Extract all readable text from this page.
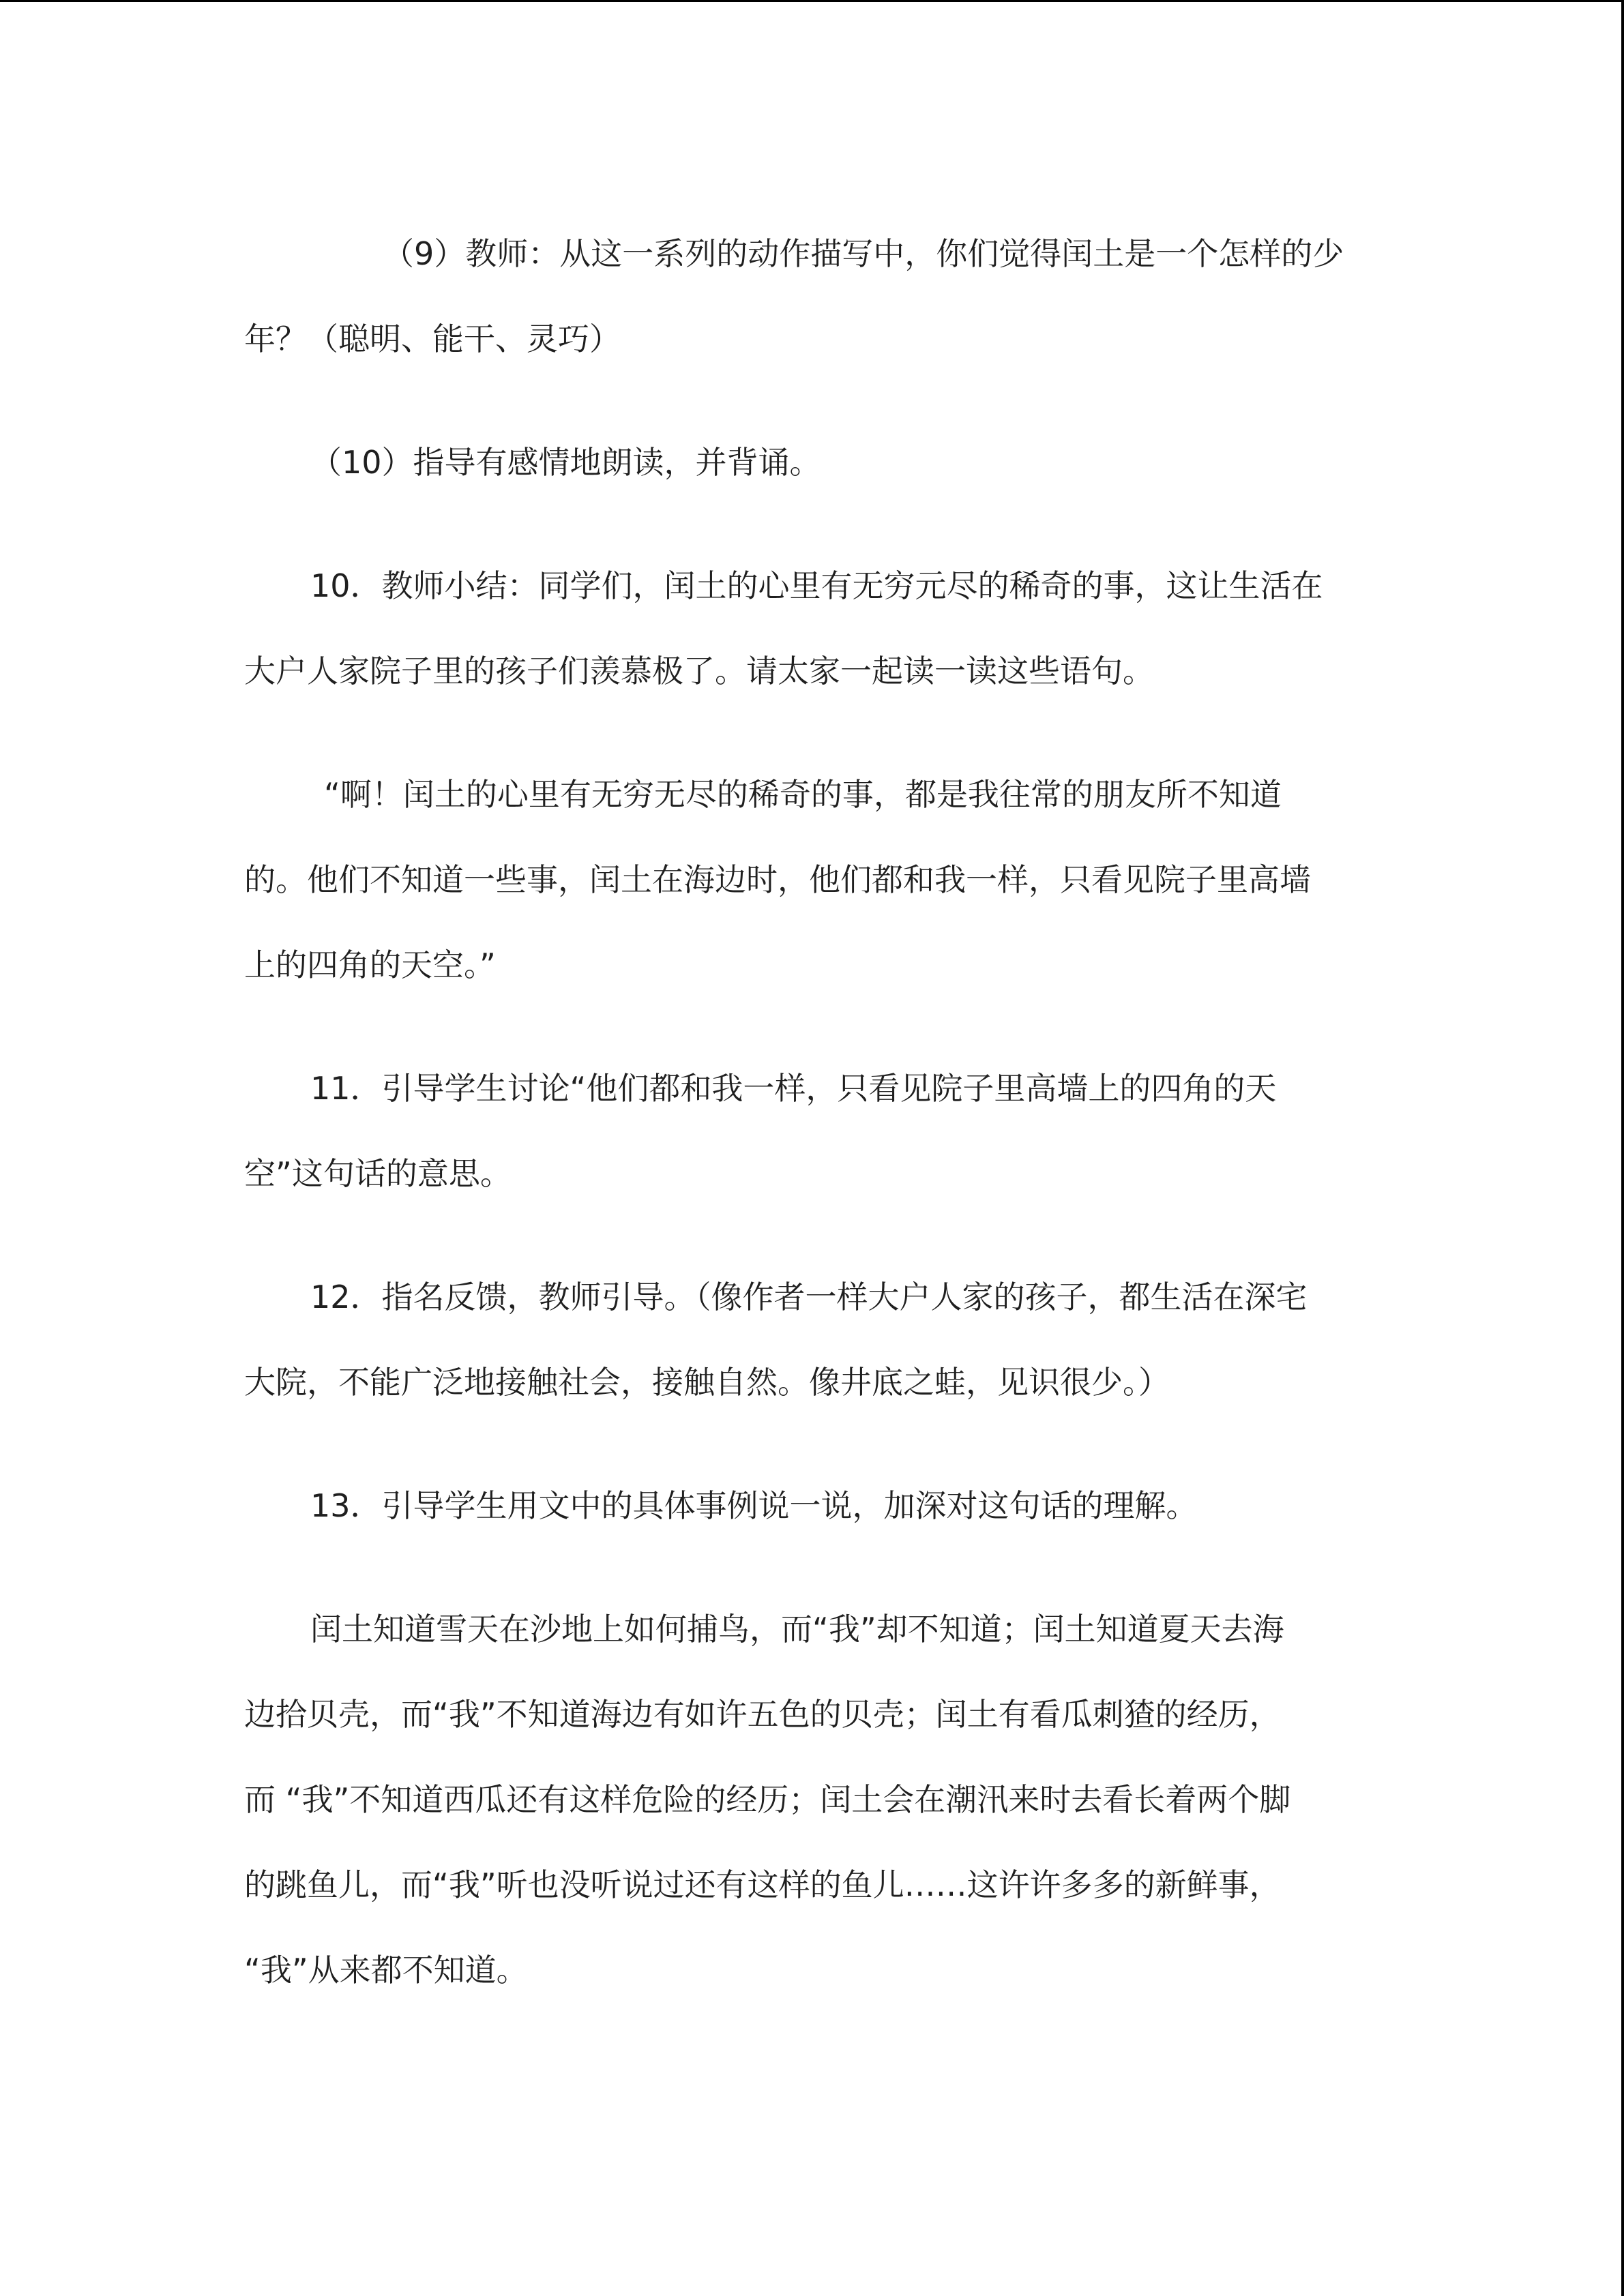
（9）教师：从这一系列的动作描写中，你们觉得闰土是一个怎样的少
年？（聪明、能干、灵巧）
（10）指导有感情地朗读，并背诵。
10．教师小结：同学们，闰土的心里有无穷元尽的稀奇的事，这让生活在
大户人家院子里的孩子们羡慕极了。请太家一起读一读这些语句。
“啊！闰土的心里有无穷无尽的稀奇的事，都是我往常的朋友所不知道
的。他们不知道一些事，闰土在海边时，他们都和我一样，只看见院子里高墙
上的四角的天空。”
11．引导学生讨论“他们都和我一样，只看见院子里高墙上的四角的天
空”这句话的意思。
12．指名反馈，教师引导。（像作者一样大户人家的孩子，都生活在深宅
大院，不能广泛地接触社会，接触自然。像井底之蛙，见识很少。）
13．引导学生用文中的具体事例说一说，加深对这句话的理解。
闰土知道雪天在沙地上如何捕鸟，而“我”却不知道；闰土知道夏天去海
边拾贝壳，而“我”不知道海边有如许五色的贝壳；闰土有看瓜刺猹的经历，
而 “我”不知道西瓜还有这样危险的经历；闰土会在潮汛来时去看长着两个脚
的跳鱼儿，而“我”听也没听说过还有这样的鱼儿……这许许多多的新鲜事，
“我”从来都不知道。
